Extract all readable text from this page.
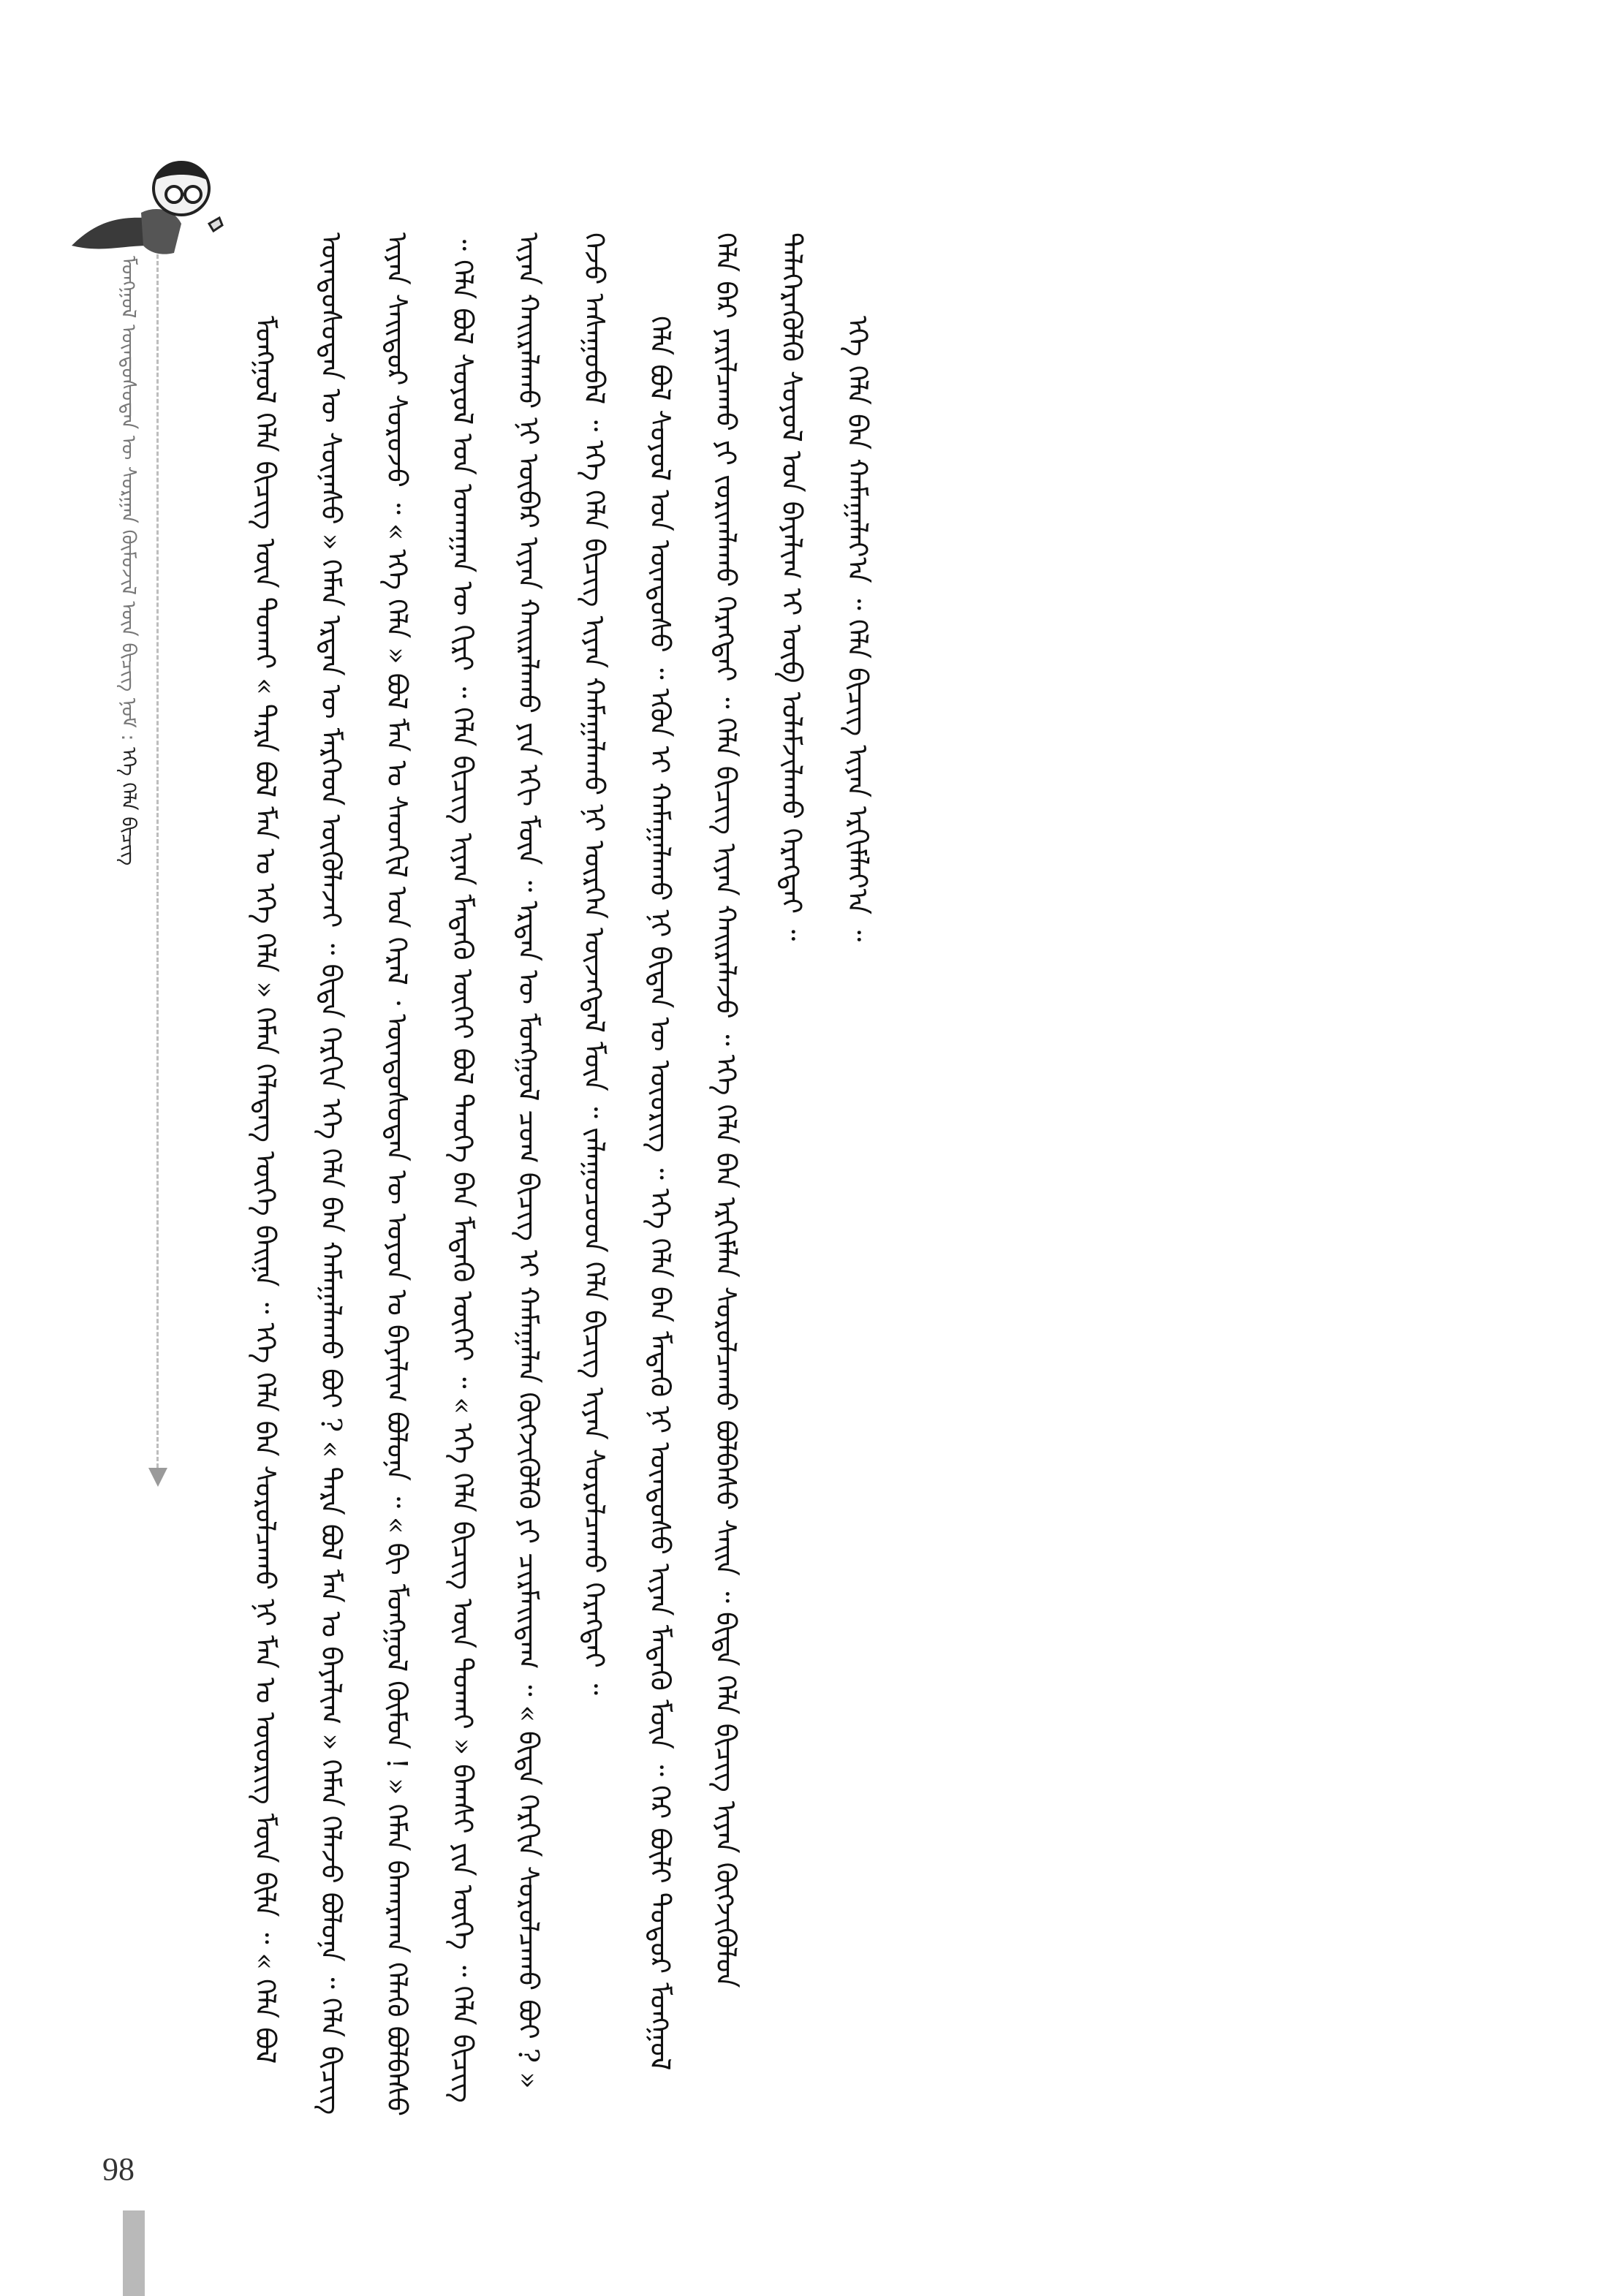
ᠮᠣᠩᠭᠣᠯ ᠦᠨᠳᠦᠰᠦᠲᠡᠨ ᠦ ᠰᠤᠷᠭᠠᠨ ᠬᠦᠮᠦᠵᠢᠯ ᠦᠨ ᠪᠢᠴᠢᠭ᠌ ᠨᠣᠮ : ᠡᠬᠡ ᠬᠡᠯᠡ ᠪᠢᠴᠢᠭ᠌	ᠮᠣᠩᠭᠣᠯ ᠬᠡᠯᠡ ᠪᠢᠴᠢᠭ᠌ ᠦᠨ ᠲᠤᠬᠠᠢ « ᠲᠡᠷᠡ ᠪᠣᠯ ᠮᠠᠨ ᠤ ᠡᠬᠡ ᠬᠡᠯᠡ » ᠬᠡᠮᠡᠨ ᠬᠡᠯᠡᠳᠡᠭ ᠦᠭᠡ ᠪᠠᠢᠨᠠ ᠃ ᠡᠬᠡ ᠬᠡᠯᠡ ᠪᠡᠨ ᠰᠤᠷᠤᠯᠴᠠᠬᠤ ᠨᠢ ᠮᠠᠨ ᠤ ᠦᠦᠷᠢᠭ ᠮᠥᠨ ᠪᠢᠯᠡ ᠃ « ᠬᠡᠯᠡ ᠪᠣᠯ ᠦᠨᠳᠦᠰᠦᠲᠡᠨ ᠦ ᠰᠦᠨᠡᠰᠦ » ᠬᠡᠮᠡᠨ ᠡᠷᠲᠡᠨ ᠦ ᠮᠡᠷᠭᠡᠳ ᠦᠭᠦᠯᠡᠵᠡᠢ ᠃ ᠪᠢᠳᠡ ᠬᠡᠷᠬᠢᠨ ᠡᠬᠡ ᠬᠡᠯᠡ ᠪᠡᠨ ᠬᠠᠮᠠᠭᠠᠯᠠᠬᠤ ᠪᠣᠢ ? « ᠲᠡᠷᠡ ᠪᠣᠯ ᠮᠠᠨ ᠤ ᠪᠠᠶᠠᠯᠢᠭ » ᠬᠡᠮᠡᠨ ᠬᠡᠯᠡᠵᠦ ᠪᠣᠯᠣᠨᠠ ᠃ ᠬᠡᠯᠡ ᠪᠢᠴᠢᠭ᠌ ᠢᠶᠡᠨ ᠰᠠᠢᠲᠤᠷ ᠰᠤᠷᠤᠵᠤ ᠃ « ᠡᠬᠡ ᠬᠡᠯᠡ » ᠪᠣᠯ ᠮᠠᠨ ᠤ ᠰᠡᠳᠭᠢᠯ ᠤᠨ ᠭᠡᠷᠡᠯ ᠂ ᠦᠨᠳᠦᠰᠦᠲᠡᠨ ᠦ ᠣᠶᠤᠨ ᠤ ᠪᠠᠶᠠᠯᠢᠭ ᠪᠣᠯᠣᠨᠠ ᠃ « ᠪᠢ ᠮᠣᠩᠭᠣᠯ ᠬᠦᠮᠦᠨ ! » ᠬᠡᠮᠡᠨ ᠪᠠᠬᠠᠷᠬᠠᠨ ᠬᠡᠯᠡᠬᠦ ᠪᠣᠯᠪᠠᠰᠤ ᠃ ᠬᠡᠯᠡ ᠪᠣᠯ ᠰᠣᠶᠣᠯ ᠤᠨ ᠤᠬᠠᠭᠠᠨ ᠦ ᠬᠢᠷᠢ ᠃ ᠬᠡᠯᠡ ᠪᠢᠴᠢᠭ᠌ ᠢᠶᠡᠨ ᠮᠡᠳᠡᠬᠦ ᠦᠭᠡᠢ ᠪᠣᠯ ᠲᠡᠦᠬᠡ ᠪᠡᠨ ᠮᠡᠳᠡᠬᠦ ᠦᠭᠡᠢ ᠃ « ᠡᠬᠡ ᠬᠡᠯᠡ ᠪᠢᠴᠢᠭ᠌ ᠦᠨ ᠲᠤᠬᠠᠢ » ᠪᠠᠭᠰᠢ ᠶᠢᠨ ᠦᠭᠡ ᠃ ᠬᠡᠯᠡ ᠪᠢᠴᠢᠭ᠌ ᠢᠶᠡᠨ ᠬᠠᠢᠷᠠᠯᠠᠬᠤ ᠨᠢ ᠥᠪᠡᠷ ᠢᠶᠡᠨ ᠬᠠᠢᠷᠠᠯᠠᠬᠤ ᠶᠢᠨ ᠡᠬᠢ ᠮᠥᠨ ᠃ ᠡᠷᠲᠡᠨ ᠦ ᠮᠣᠩᠭᠣᠯ ᠴᠤᠭ ᠪᠢᠴᠢᠭ᠌ ᠢ ᠬᠠᠮᠠᠭᠠᠯᠠᠨ ᠬᠥᠭᠵᠢᠭᠦᠯᠬᠦ ᠶᠢ ᠴᠢᠷᠮᠠᠢᠳᠠᠭ ᠃ « ᠪᠢᠳᠡ ᠬᠡᠷᠬᠢᠨ ᠰᠤᠷᠤᠯᠴᠠᠬᠤ ᠪᠤᠢ ? » ᠭᠡᠵᠦ ᠠᠰᠠᠭᠤᠪᠠᠯ ᠃ ᠡᠬᠡ ᠬᠡᠯᠡ ᠪᠢᠴᠢᠭ᠌ ᠢᠶᠡᠨ ᠬᠠᠮᠠᠭᠠᠯᠠᠬᠤ ᠨᠢ ᠥᠷᠭᠡᠨ ᠦᠵᠡᠭᠳᠡᠯ ᠮᠥᠨ ᠃ ᠵᠠᠯᠠᠭᠤᠴᠤᠳ ᠬᠡᠯᠡ ᠪᠢᠴᠢᠭ᠌ ᠢᠶᠡᠨ ᠰᠤᠷᠤᠯᠴᠠᠬᠤ ᠬᠡᠷᠡᠭᠲᠡᠢ ᠃	ᠬᠡᠯᠡ ᠪᠣᠯ ᠰᠣᠶᠣᠯ ᠤᠨ ᠦᠨᠳᠦᠰᠦ ᠃ ᠡᠭᠦᠨ ᠢ ᠬᠠᠮᠠᠭᠠᠯᠠᠬᠤ ᠨᠢ ᠪᠢᠳᠡᠨ ᠦ ᠦᠦᠷᠢᠭ ᠃ ᠡᠬᠡ ᠬᠡᠯᠡ ᠪᠡᠨ ᠮᠡᠳᠡᠬᠦ ᠨᠢ ᠦᠨᠳᠦᠰᠦ ᠢᠶᠡᠨ ᠮᠡᠳᠡᠬᠦ ᠮᠥᠨ ᠃ ᠭᠡᠷ ᠪᠦᠯᠢ ᠳᠣᠲᠣᠷ ᠮᠣᠩᠭᠣᠯ ᠬᠡᠯᠡ ᠪᠡᠷ ᠶᠠᠷᠢᠯᠴᠠᠬᠤ ᠶᠢ ᠵᠣᠷᠢᠭᠯᠠᠬᠤ ᠬᠡᠷᠡᠭᠲᠡᠢ ᠃ ᠬᠡᠯᠡ ᠪᠢᠴᠢᠭ᠌ ᠢᠶᠡᠨ ᠬᠠᠢᠷᠠᠯᠠᠵᠤ ᠃ ᠡᠬᠡ ᠬᠡᠯᠡ ᠪᠡᠨ ᠡᠷᠬᠢᠮᠯᠡᠨ ᠰᠤᠷᠤᠯᠴᠠᠬᠤ ᠪᠤᠯᠪᠠᠰᠤ ᠰᠠᠢᠨ ᠃ ᠪᠢᠳᠡ ᠬᠡᠯᠡ ᠪᠢᠴᠢᠭ᠌ ᠢᠶᠡᠨ ᠬᠥᠭᠵᠢᠭᠦᠯᠦᠨ ᠳᠡᠯᠡᠭᠡᠷᠡᠭᠦᠯᠬᠦ ᠰᠣᠶᠣᠯ ᠤᠨ ᠪᠠᠶᠠᠯᠢᠭ ᠢ ᠥᠪ ᠤᠯᠠᠮᠵᠢᠯᠠᠬᠤ ᠬᠡᠷᠡᠭᠲᠡᠢ ᠃	ᠡᠬᠡ ᠬᠡᠯᠡ ᠪᠡᠨ ᠬᠠᠮᠠᠭᠠᠯᠠᠶ᠎ᠠ ᠃ ᠬᠡᠯᠡ ᠪᠢᠴᠢᠭ᠌ ᠢᠶᠡᠨ ᠡᠷᠬᠢᠮᠯᠡᠶ᠎ᠠ ᠃

98
